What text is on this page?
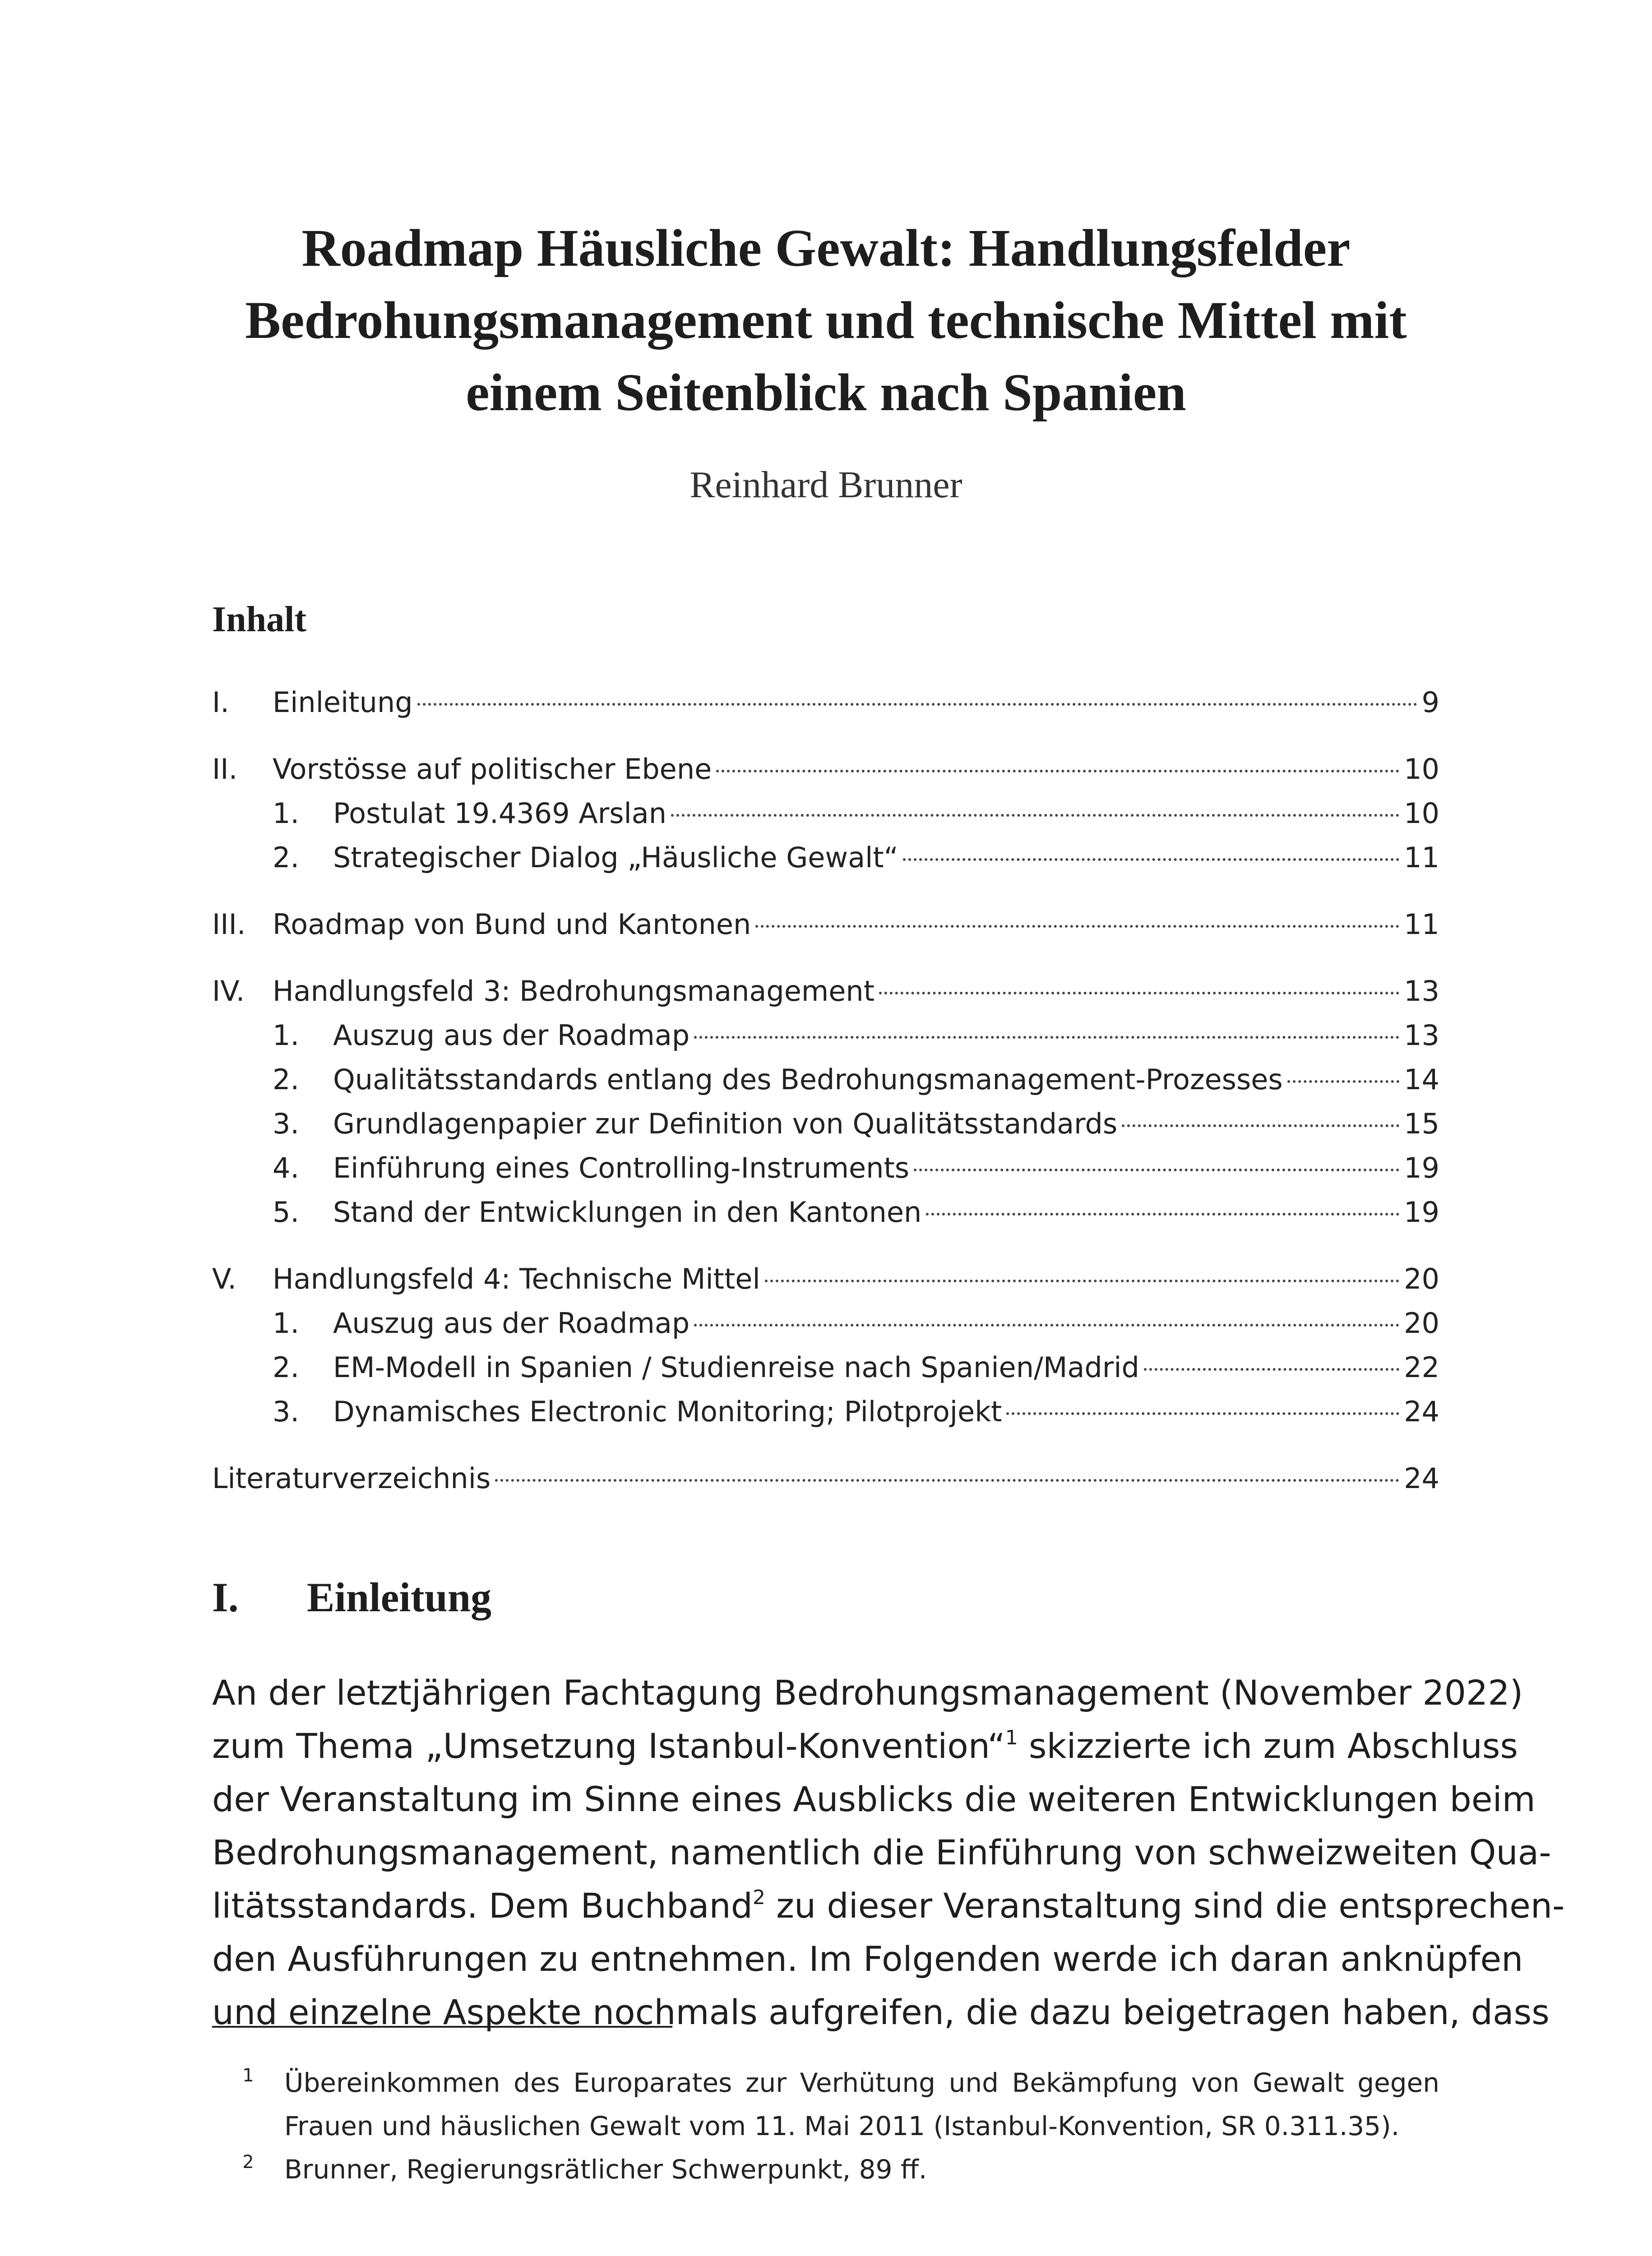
Roadmap Häusliche Gewalt: Handlungsfelder
Bedrohungsmanagement und technische Mittel mit
einem Seitenblick nach Spanien
Reinhard Brunner
Inhalt
I.	Einleitung	9
II.	Vorstösse auf politischer Ebene	10
1.	Postulat 19.4369 Arslan	10
2.	Strategischer Dialog „Häusliche Gewalt“	11
III. Roadmap von Bund und Kantonen	11
IV. Handlungsfeld 3: Bedrohungsmanagement	13
1.	Auszug aus der Roadmap	13
2.	Qualitätsstandards entlang des Bedrohungsmanagement-Prozesses	14
3.	Grundlagenpapier zur Definition von Qualitätsstandards	15
4.	Einführung eines Controlling-Instruments	19
5.	Stand der Entwicklungen in den Kantonen	19
V.	Handlungsfeld 4: Technische Mittel	20
1.	Auszug aus der Roadmap	20
2.	EM-Modell in Spanien / Studienreise nach Spanien/Madrid	22
3.	Dynamisches Electronic Monitoring; Pilotprojekt	24
Literaturverzeichnis	24
I.	Einleitung
An der letztjährigen Fachtagung Bedrohungsmanagement (November 2022)
zum Thema „Umsetzung Istanbul-Konvention“$^1$ skizzierte ich zum Abschluss
der Veranstaltung im Sinne eines Ausblicks die weiteren Entwicklungen beim
Bedrohungsmanagement, namentlich die Einführung von schweizweiten Qua-
litätsstandards. Dem Buchband$^2$ zu dieser Veranstaltung sind die entsprechen-
den Ausführungen zu entnehmen. Im Folgenden werde ich daran anknüpfen
und einzelne Aspekte nochmals aufgreifen, die dazu beigetragen haben, dass
1	Übereinkommen des Europarates zur Verhütung und Bekämpfung von Gewalt gegen
Frauen und häuslichen Gewalt vom 11. Mai 2011 (Istanbul-Konvention, SR 0.311.35).
2	Brunner, Regierungsrätlicher Schwerpunkt, 89 ff.
